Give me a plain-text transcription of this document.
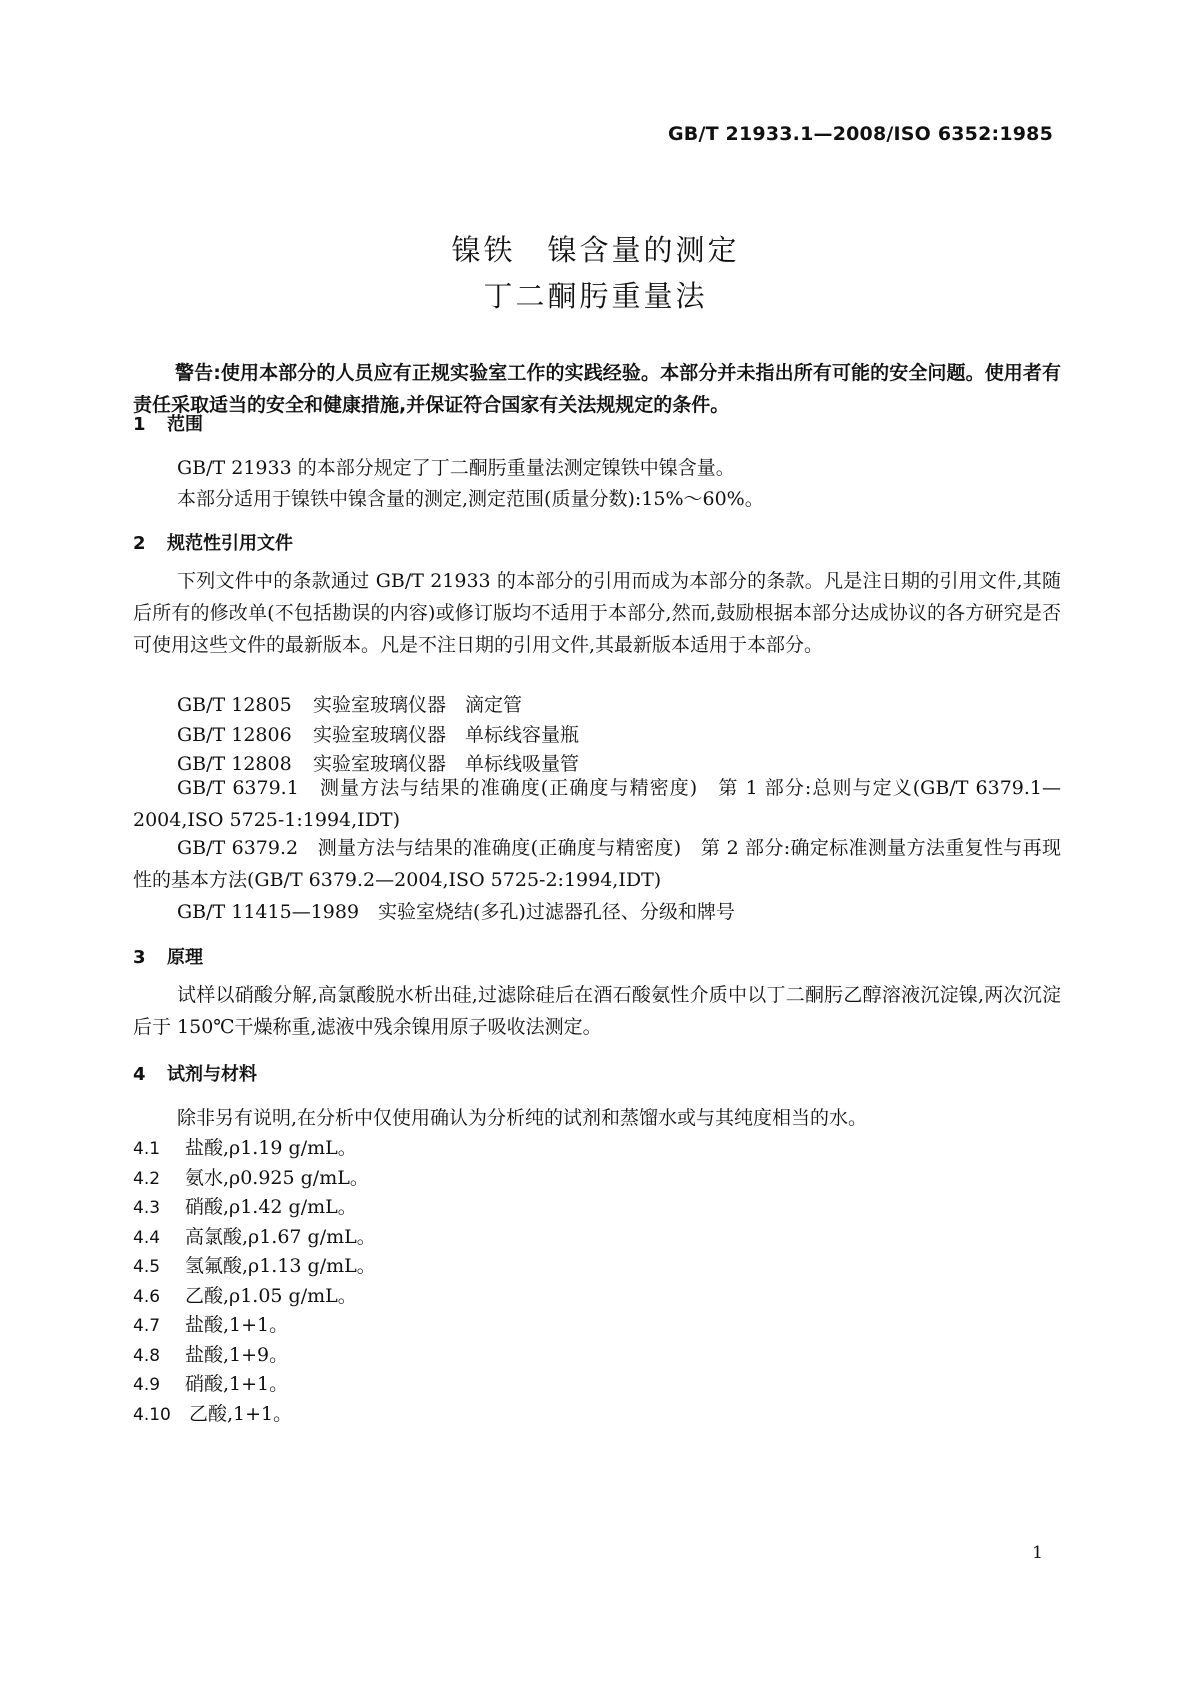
GB/T 21933.1—2008/ISO 6352:1985
镍铁　镍含量的测定
丁二酮肟重量法
警告:使用本部分的人员应有正规实验室工作的实践经验。本部分并未指出所有可能的安全问题。使用者有责任采取适当的安全和健康措施,并保证符合国家有关法规规定的条件。
1 范围
GB/T 21933 的本部分规定了丁二酮肟重量法测定镍铁中镍含量。
本部分适用于镍铁中镍含量的测定,测定范围(质量分数):15%～60%。
2 规范性引用文件
下列文件中的条款通过 GB/T 21933 的本部分的引用而成为本部分的条款。凡是注日期的引用文件,其随后所有的修改单(不包括勘误的内容)或修订版均不适用于本部分,然而,鼓励根据本部分达成协议的各方研究是否可使用这些文件的最新版本。凡是不注日期的引用文件,其最新版本适用于本部分。
GB/T 12805 实验室玻璃仪器　滴定管
GB/T 12806 实验室玻璃仪器　单标线容量瓶
GB/T 12808 实验室玻璃仪器　单标线吸量管
GB/T 6379.1　测量方法与结果的准确度(正确度与精密度)　第 1 部分:总则与定义(GB/T 6379.1—2004,ISO 5725-1:1994,IDT)
GB/T 6379.2　测量方法与结果的准确度(正确度与精密度)　第 2 部分:确定标准测量方法重复性与再现性的基本方法(GB/T 6379.2—2004,ISO 5725-2:1994,IDT)
GB/T 11415—1989　实验室烧结(多孔)过滤器孔径、分级和牌号
3 原理
试样以硝酸分解,高氯酸脱水析出硅,过滤除硅后在酒石酸氨性介质中以丁二酮肟乙醇溶液沉淀镍,两次沉淀后于 150℃干燥称重,滤液中残余镍用原子吸收法测定。
4 试剂与材料
除非另有说明,在分析中仅使用确认为分析纯的试剂和蒸馏水或与其纯度相当的水。
4.1 盐酸,ρ1.19 g/mL。
4.2 氨水,ρ0.925 g/mL。
4.3 硝酸,ρ1.42 g/mL。
4.4 高氯酸,ρ1.67 g/mL。
4.5 氢氟酸,ρ1.13 g/mL。
4.6 乙酸,ρ1.05 g/mL。
4.7 盐酸,1+1。
4.8 盐酸,1+9。
4.9 硝酸,1+1。
4.10 乙酸,1+1。
1
